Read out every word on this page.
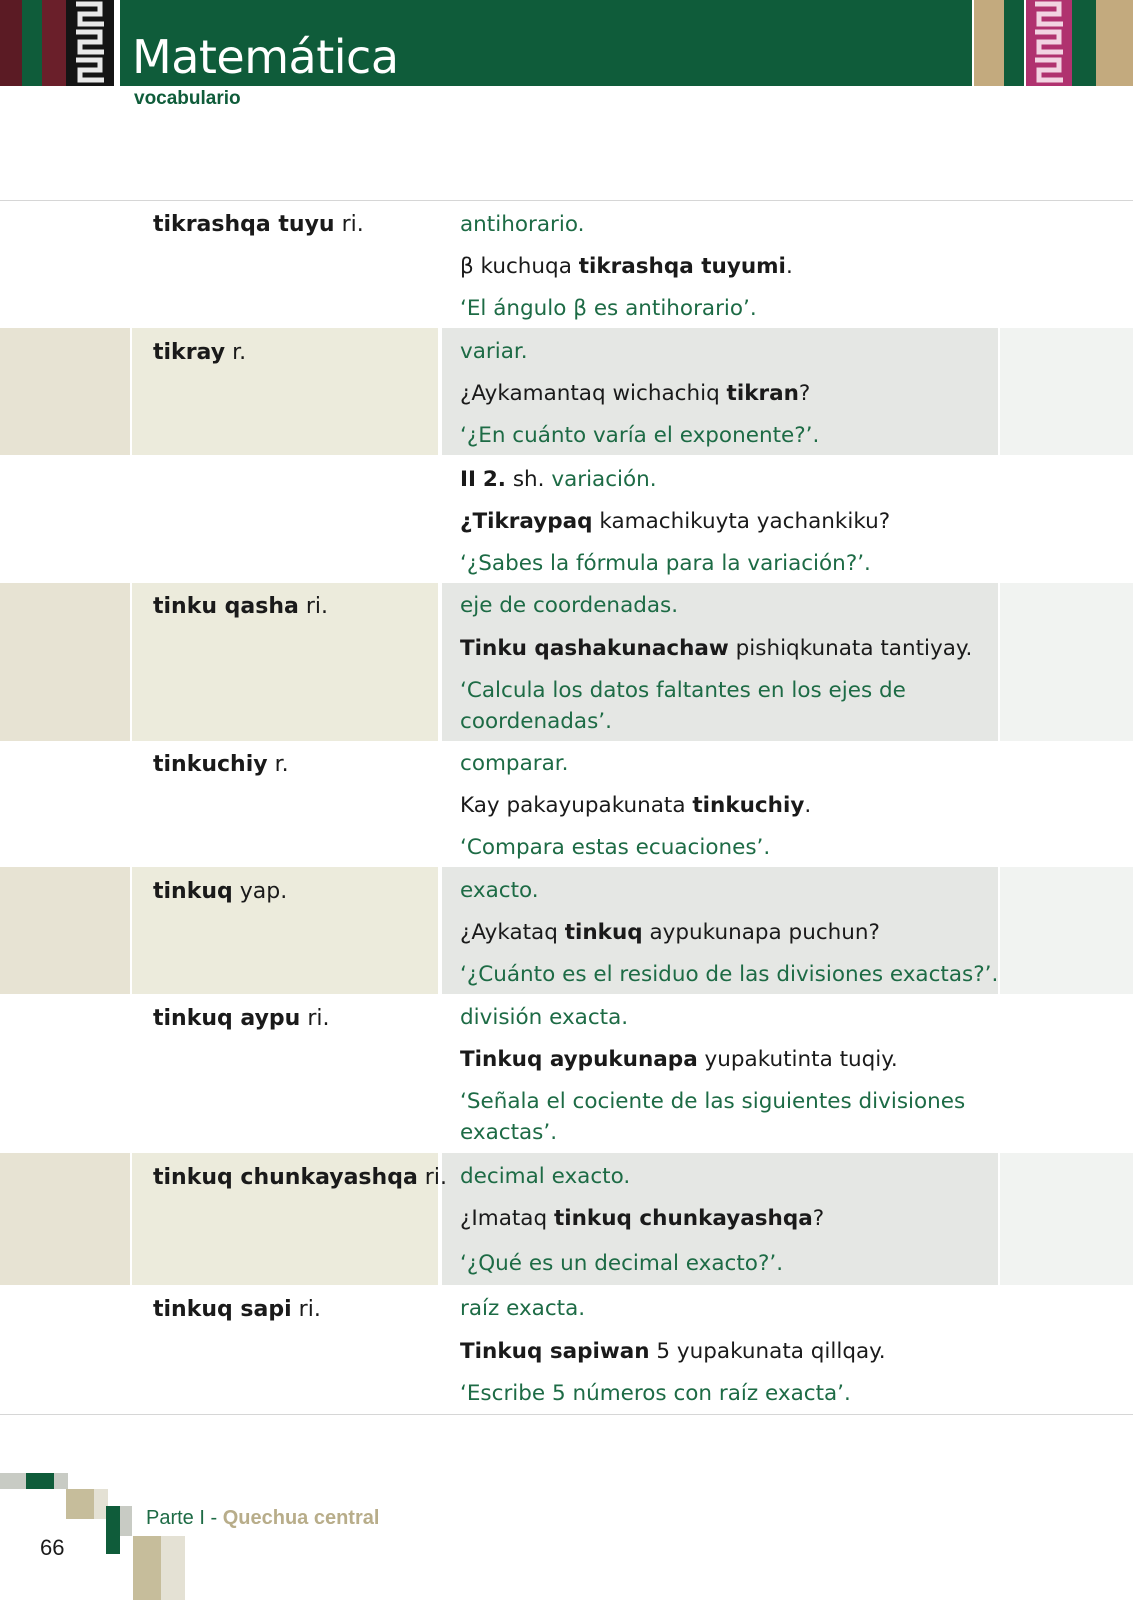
Matemática
vocabulario
tikrashqa tuyu ri.	antihorario.
β kuchuqa tikrashqa tuyumi.
‘El ángulo β es antihorario’.
tikray r.	variar.
¿Aykamantaq wichachiq tikran?
‘¿En cuánto varía el exponente?’.
II 2. sh. variación.
¿Tikraypaq kamachikuyta yachankiku?
‘¿Sabes la fórmula para la variación?’.
tinku qasha ri.	eje de coordenadas.
Tinku qashakunachaw pishiqkunata tantiyay.
‘Calcula los datos faltantes en los ejes de coordenadas’.
tinkuchiy r.	comparar.
Kay pakayupakunata tinkuchiy.
‘Compara estas ecuaciones’.
tinkuq yap.	exacto.
¿Aykataq tinkuq aypukunapa puchun?
‘¿Cuánto es el residuo de las divisiones exactas?’.
tinkuq aypu ri.	división exacta.
Tinkuq aypukunapa yupakutinta tuqiy.
‘Señala el cociente de las siguientes divisiones exactas’.
tinkuq chunkayashqa ri. decimal exacto.
¿Imataq tinkuq chunkayashqa?
‘¿Qué es un decimal exacto?’.
tinkuq sapi ri.	raíz exacta.
Tinkuq sapiwan 5 yupakunata qillqay.
‘Escribe 5 números con raíz exacta’.
Parte I - Quechua central
66
